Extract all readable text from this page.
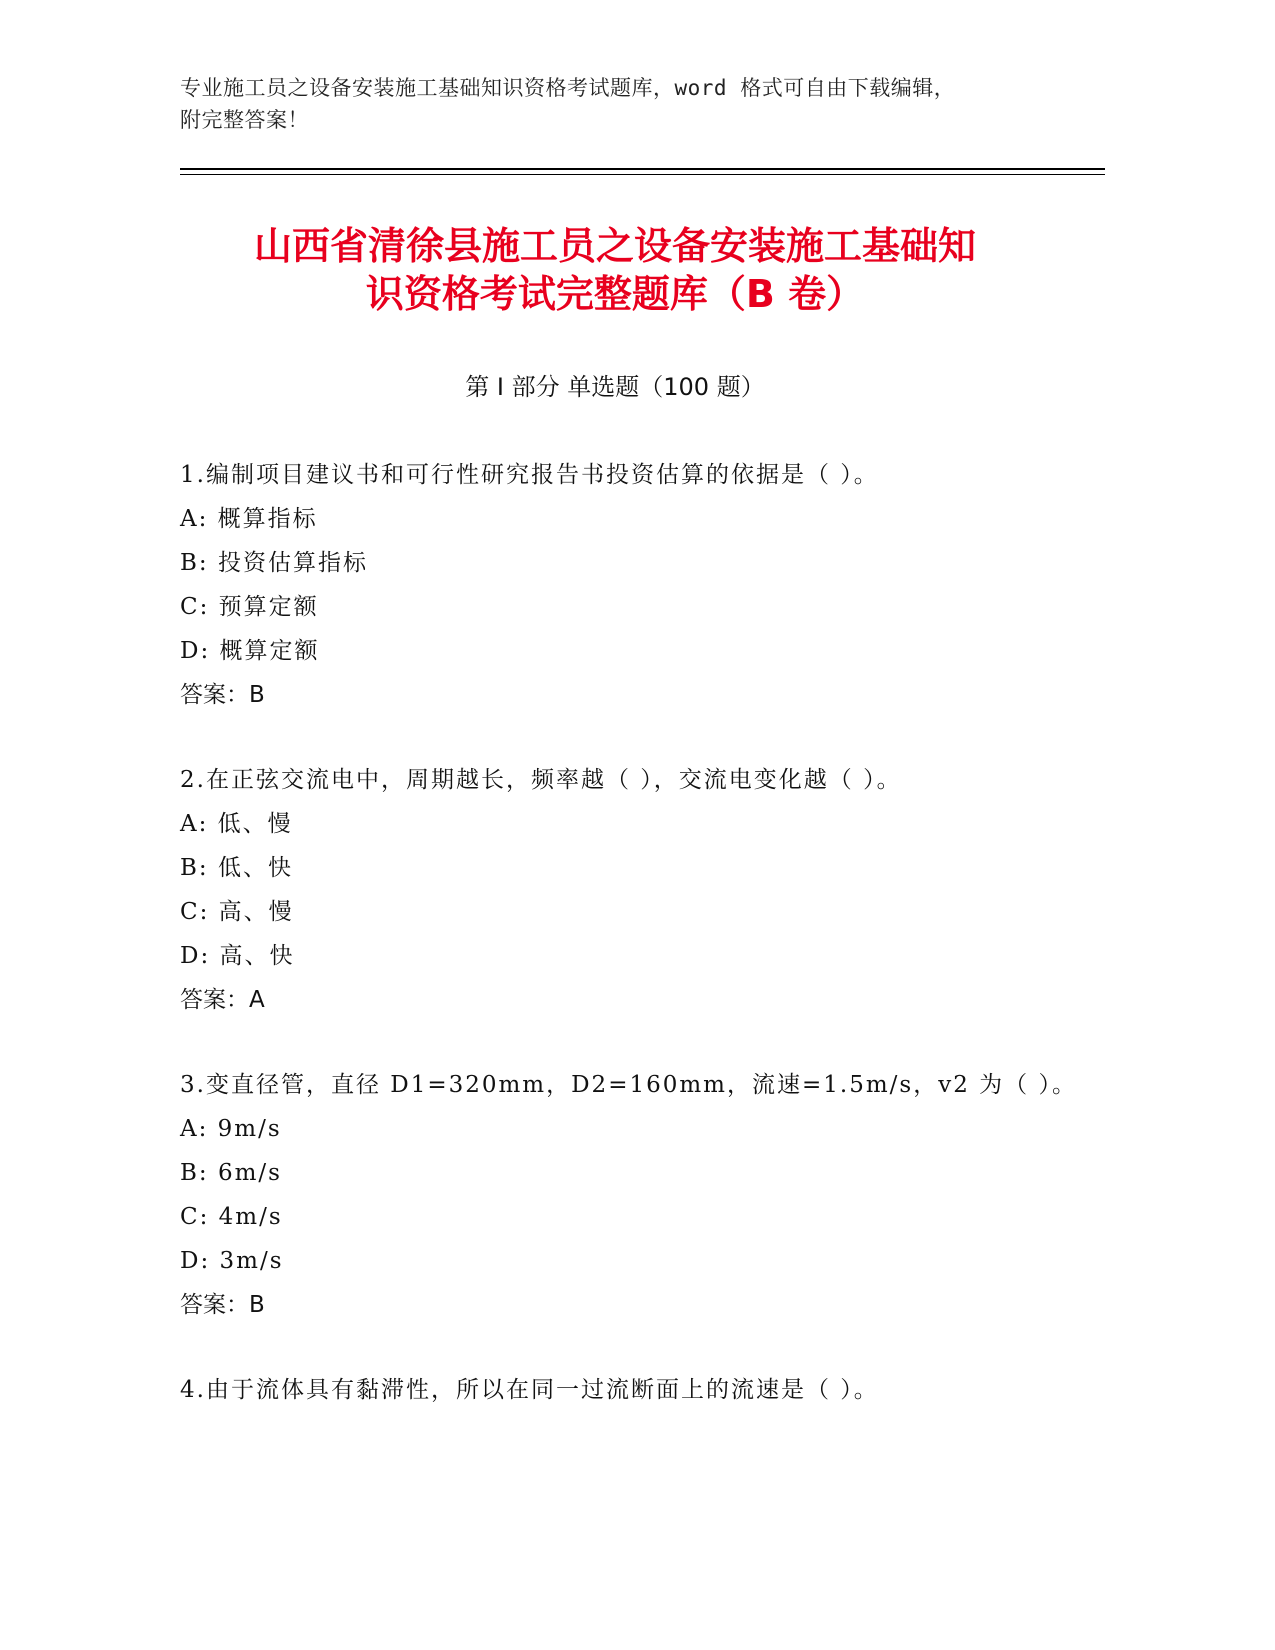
专业施工员之设备安装施工基础知识资格考试题库，word 格式可自由下载编辑，
附完整答案！
山西省清徐县施工员之设备安装施工基础知
识资格考试完整题库（B 卷）
第 I 部分 单选题（100 题）
1.编制项目建议书和可行性研究报告书投资估算的依据是（ ）。
A: 概算指标
B: 投资估算指标
C: 预算定额
D: 概算定额
答案：B
2.在正弦交流电中，周期越长，频率越（ ），交流电变化越（ ）。
A: 低、慢
B: 低、快
C: 高、慢
D: 高、快
答案：A
3.变直径管，直径 D1=320mm，D2=160mm，流速=1.5m/s，v2 为（ ）。
A: 9m/s
B: 6m/s
C: 4m/s
D: 3m/s
答案：B
4.由于流体具有黏滞性，所以在同一过流断面上的流速是（ ）。
